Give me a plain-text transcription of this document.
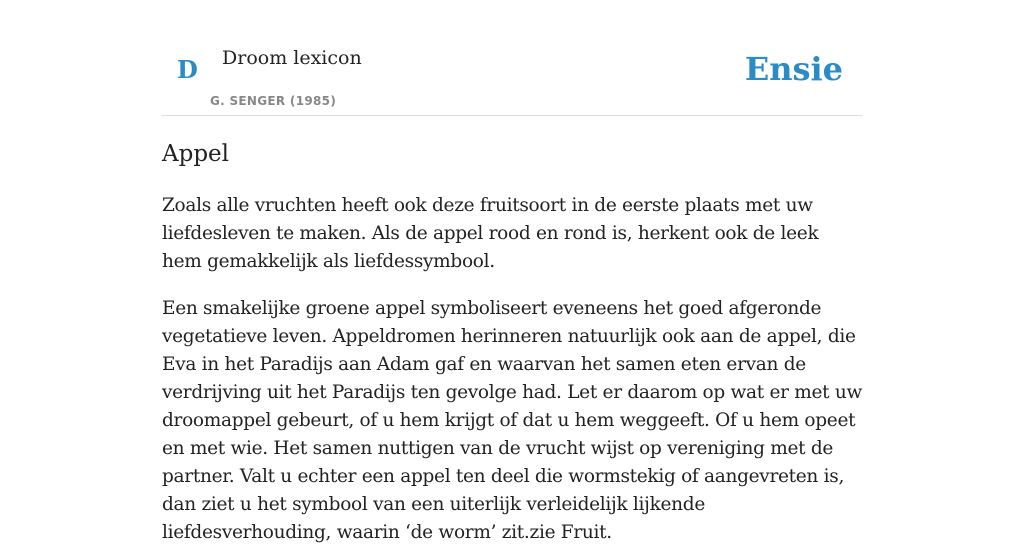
D Droom lexicon
G. SENGER (1985)
Ensie
Appel

Zoals alle vruchten heeft ook deze fruitsoort in de eerste plaats met uw liefdesleven te maken. Als de appel rood en rond is, herkent ook de leek hem gemakkelijk als liefdessymbool.

Een smakelijke groene appel symboliseert eveneens het goed afgeronde vegetatieve leven. Appeldromen herinneren natuurlijk ook aan de appel, die Eva in het Paradijs aan Adam gaf en waarvan het samen eten ervan de verdrijving uit het Paradijs ten gevolge had. Let er daarom op wat er met uw droomappel gebeurt, of u hem krijgt of dat u hem weggeeft. Of u hem opeet en met wie. Het samen nuttigen van de vrucht wijst op vereniging met de partner. Valt u echter een appel ten deel die wormstekig of aangevreten is, dan ziet u het symbool van een uiterlijk verleidelijk lijkende liefdesverhouding, waarin ‘de worm’ zit.zie Fruit.
